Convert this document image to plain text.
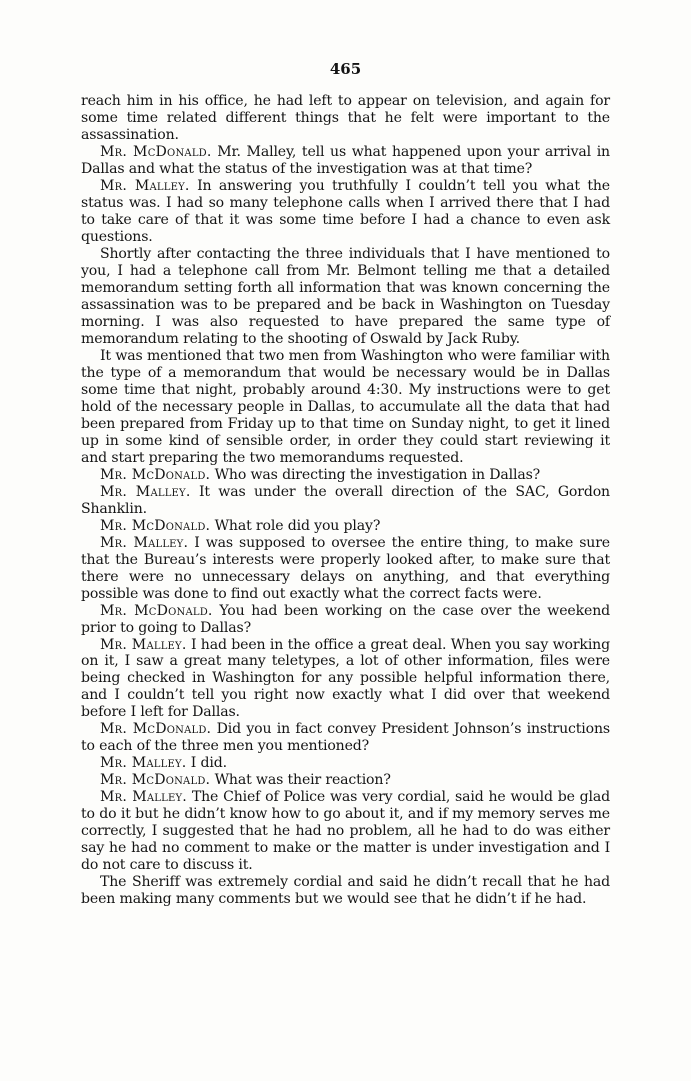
465

reach him in his office, he had left to appear on television, and again for some time related different things that he felt were important to the assassination.

Mr. McDonald. Mr. Malley, tell us what happened upon your arrival in Dallas and what the status of the investigation was at that time?

Mr. Malley. In answering you truthfully I couldn’t tell you what the status was. I had so many telephone calls when I arrived there that I had to take care of that it was some time before I had a chance to even ask questions.

Shortly after contacting the three individuals that I have mentioned to you, I had a telephone call from Mr. Belmont telling me that a detailed memorandum setting forth all information that was known concerning the assassination was to be prepared and be back in Washington on Tuesday morning. I was also requested to have prepared the same type of memorandum relating to the shooting of Oswald by Jack Ruby.

It was mentioned that two men from Washington who were familiar with the type of a memorandum that would be necessary would be in Dallas some time that night, probably around 4:30. My instructions were to get hold of the necessary people in Dallas, to accumulate all the data that had been prepared from Friday up to that time on Sunday night, to get it lined up in some kind of sensible order, in order they could start reviewing it and start preparing the two memorandums requested.

Mr. McDonald. Who was directing the investigation in Dallas?

Mr. Malley. It was under the overall direction of the SAC, Gordon Shanklin.

Mr. McDonald. What role did you play?

Mr. Malley. I was supposed to oversee the entire thing, to make sure that the Bureau’s interests were properly looked after, to make sure that there were no unnecessary delays on anything, and that everything possible was done to find out exactly what the correct facts were.

Mr. McDonald. You had been working on the case over the weekend prior to going to Dallas?

Mr. Malley. I had been in the office a great deal. When you say working on it, I saw a great many teletypes, a lot of other information, files were being checked in Washington for any possible helpful information there, and I couldn’t tell you right now exactly what I did over that weekend before I left for Dallas.

Mr. McDonald. Did you in fact convey President Johnson’s instructions to each of the three men you mentioned?

Mr. Malley. I did.

Mr. McDonald. What was their reaction?

Mr. Malley. The Chief of Police was very cordial, said he would be glad to do it but he didn’t know how to go about it, and if my memory serves me correctly, I suggested that he had no problem, all he had to do was either say he had no comment to make or the matter is under investigation and I do not care to discuss it.

The Sheriff was extremely cordial and said he didn’t recall that he had been making many comments but we would see that he didn’t if he had.
